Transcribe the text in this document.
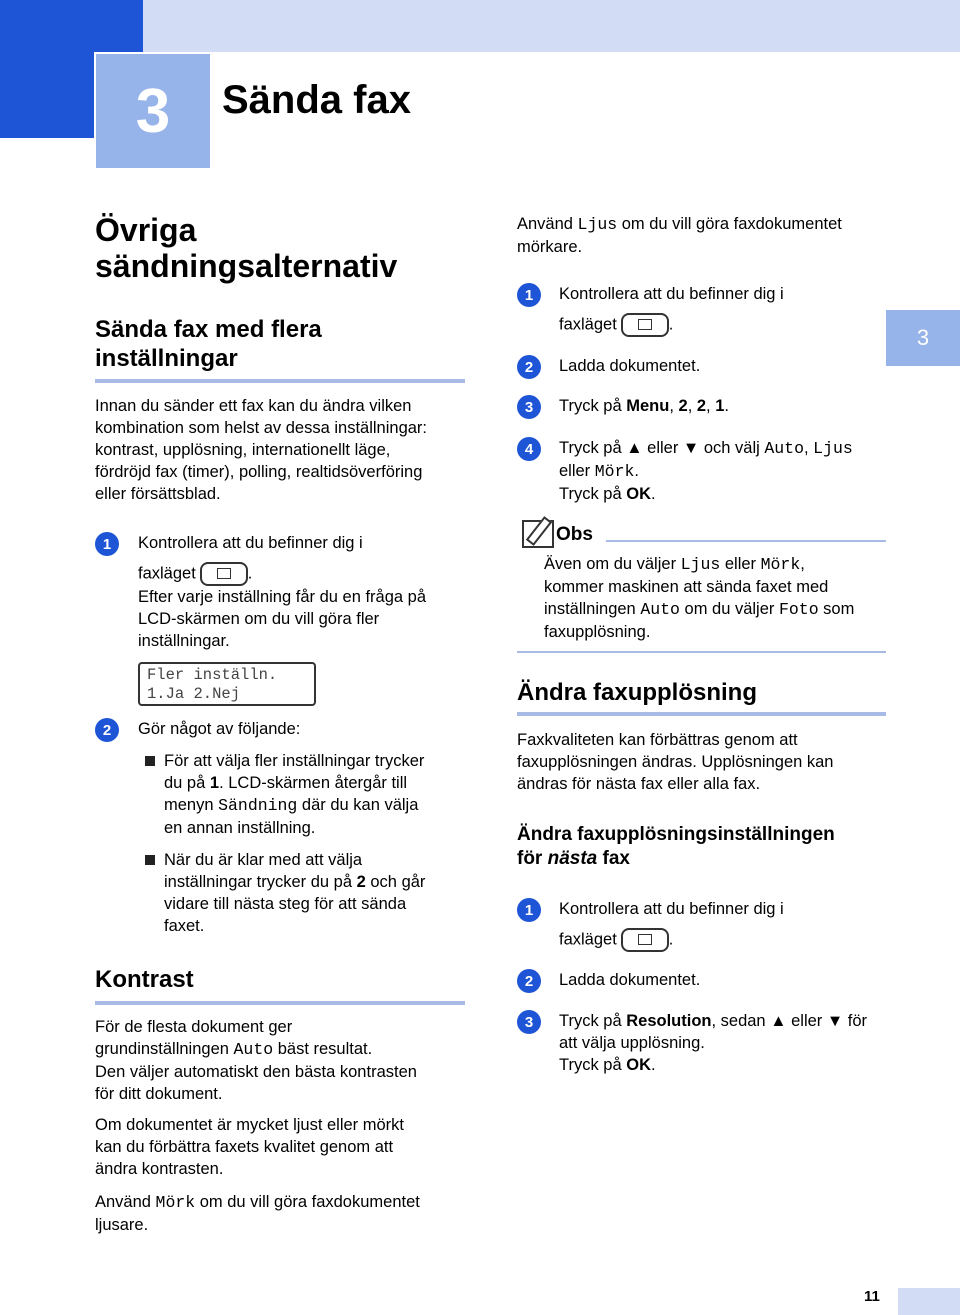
3	Sända fax
3
Övriga
sändningsalternativ
Sända fax med flera
inställningar

Innan du sänder ett fax kan du ändra vilken

kombination som helst av dessa inställningar:

kontrast, upplösning, internationellt läge,

fördröjd fax (timer), polling, realtidsöverföring

eller försättsblad.

1	Kontrollera att du befinner dig i

faxläget	.

Efter varje inställning får du en fråga på

LCD-skärmen om du vill göra fler

inställningar.

Fler inställn.
1.Ja 2.Nej
2	Gör något av följande:

För att välja fler inställningar trycker

du på 1. LCD-skärmen återgår till

menyn Sändning där du kan välja

en annan inställning.

När du är klar med att välja

inställningar trycker du på 2 och går

vidare till nästa steg för att sända

faxet.

Kontrast

För de flesta dokument ger

grundinställningen Auto bäst resultat.

Den väljer automatiskt den bästa kontrasten

för ditt dokument.

Om dokumentet är mycket ljust eller mörkt

kan du förbättra faxets kvalitet genom att

ändra kontrasten.

Använd Mörk om du vill göra faxdokumentet

ljusare.

Använd Ljus om du vill göra faxdokumentet

mörkare.

1	Kontrollera att du befinner dig i

faxläget	.

2	Ladda dokumentet.

3	Tryck på Menu, 2, 2, 1.

4	Tryck på ▲ eller ▼ och välj Auto, Ljus

eller Mörk.

Tryck på OK.

Obs

Även om du väljer Ljus eller Mörk,

kommer maskinen att sända faxet med

inställningen Auto om du väljer Foto som

faxupplösning.

Ändra faxupplösning

Faxkvaliteten kan förbättras genom att

faxupplösningen ändras. Upplösningen kan

ändras för nästa fax eller alla fax.

Ändra faxupplösningsinställningen
för nästa fax
1	Kontrollera att du befinner dig i

faxläget	.

2	Ladda dokumentet.

3	Tryck på Resolution, sedan ▲ eller ▼ för

att välja upplösning.

Tryck på OK.

11
